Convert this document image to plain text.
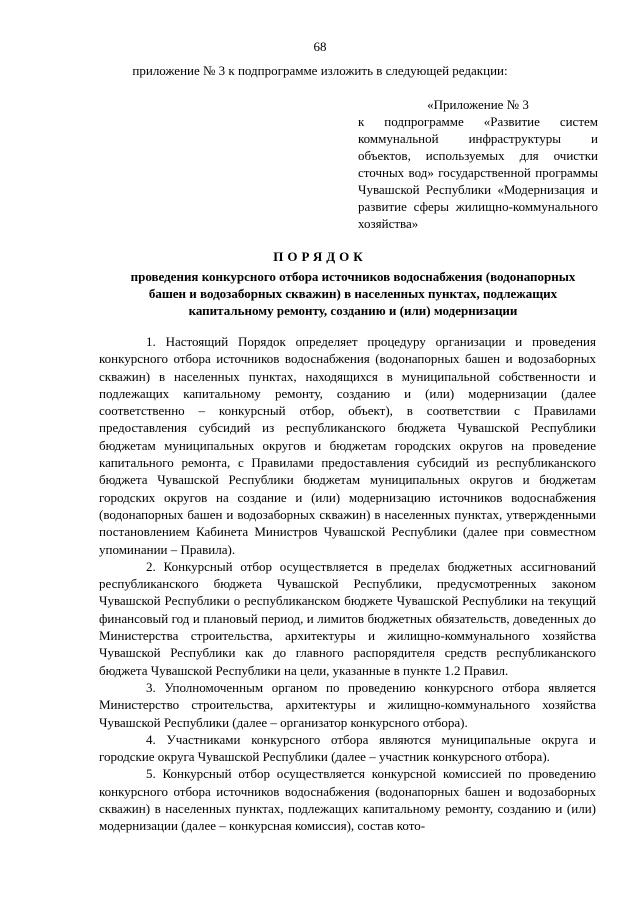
68
приложение № 3 к подпрограмме изложить в следующей редакции:
«Приложение № 3
к подпрограмме «Развитие систем коммунальной инфраструктуры и объектов, используемых для очистки сточных вод» государственной программы Чувашской Республики «Модернизация и развитие сферы жилищно-коммунального хозяйства»
ПОРЯДОК
проведения конкурсного отбора источников водоснабжения (водонапорных башен и водозаборных скважин) в населенных пунктах, подлежащих капитальному ремонту, созданию и (или) модернизации

1. Настоящий Порядок определяет процедуру организации и проведения конкурсного отбора источников водоснабжения (водонапорных башен и водозаборных скважин) в населенных пунктах, находящихся в муниципальной собственности и подлежащих капитальному ремонту, созданию и (или) модернизации (далее соответственно – конкурсный отбор, объект), в соответствии с Правилами предоставления субсидий из республиканского бюджета Чувашской Республики бюджетам муниципальных округов и бюджетам городских округов на проведение капитального ремонта, с Правилами предоставления субсидий из республиканского бюджета Чувашской Республики бюджетам муниципальных округов и бюджетам городских округов на создание и (или) модернизацию источников водоснабжения (водонапорных башен и водозаборных скважин) в населенных пунктах, утвержденными постановлением Кабинета Министров Чувашской Республики (далее при совместном упоминании – Правила).

2. Конкурсный отбор осуществляется в пределах бюджетных ассигнований республиканского бюджета Чувашской Республики, предусмотренных законом Чувашской Республики о республиканском бюджете Чувашской Республики на текущий финансовый год и плановый период, и лимитов бюджетных обязательств, доведенных до Министерства строительства, архитектуры и жилищно-коммунального хозяйства Чувашской Республики как до главного распорядителя средств республиканского бюджета Чувашской Республики на цели, указанные в пункте 1.2 Правил.

3. Уполномоченным органом по проведению конкурсного отбора является Министерство строительства, архитектуры и жилищно-коммунального хозяйства Чувашской Республики (далее – организатор конкурсного отбора).

4. Участниками конкурсного отбора являются муниципальные округа и городские округа Чувашской Республики (далее – участник конкурсного отбора).

5. Конкурсный отбор осуществляется конкурсной комиссией по проведению конкурсного отбора источников водоснабжения (водонапорных башен и водозаборных скважин) в населенных пунктах, подлежащих капитальному ремонту, созданию и (или) модернизации (далее – конкурсная комиссия), состав кото-
